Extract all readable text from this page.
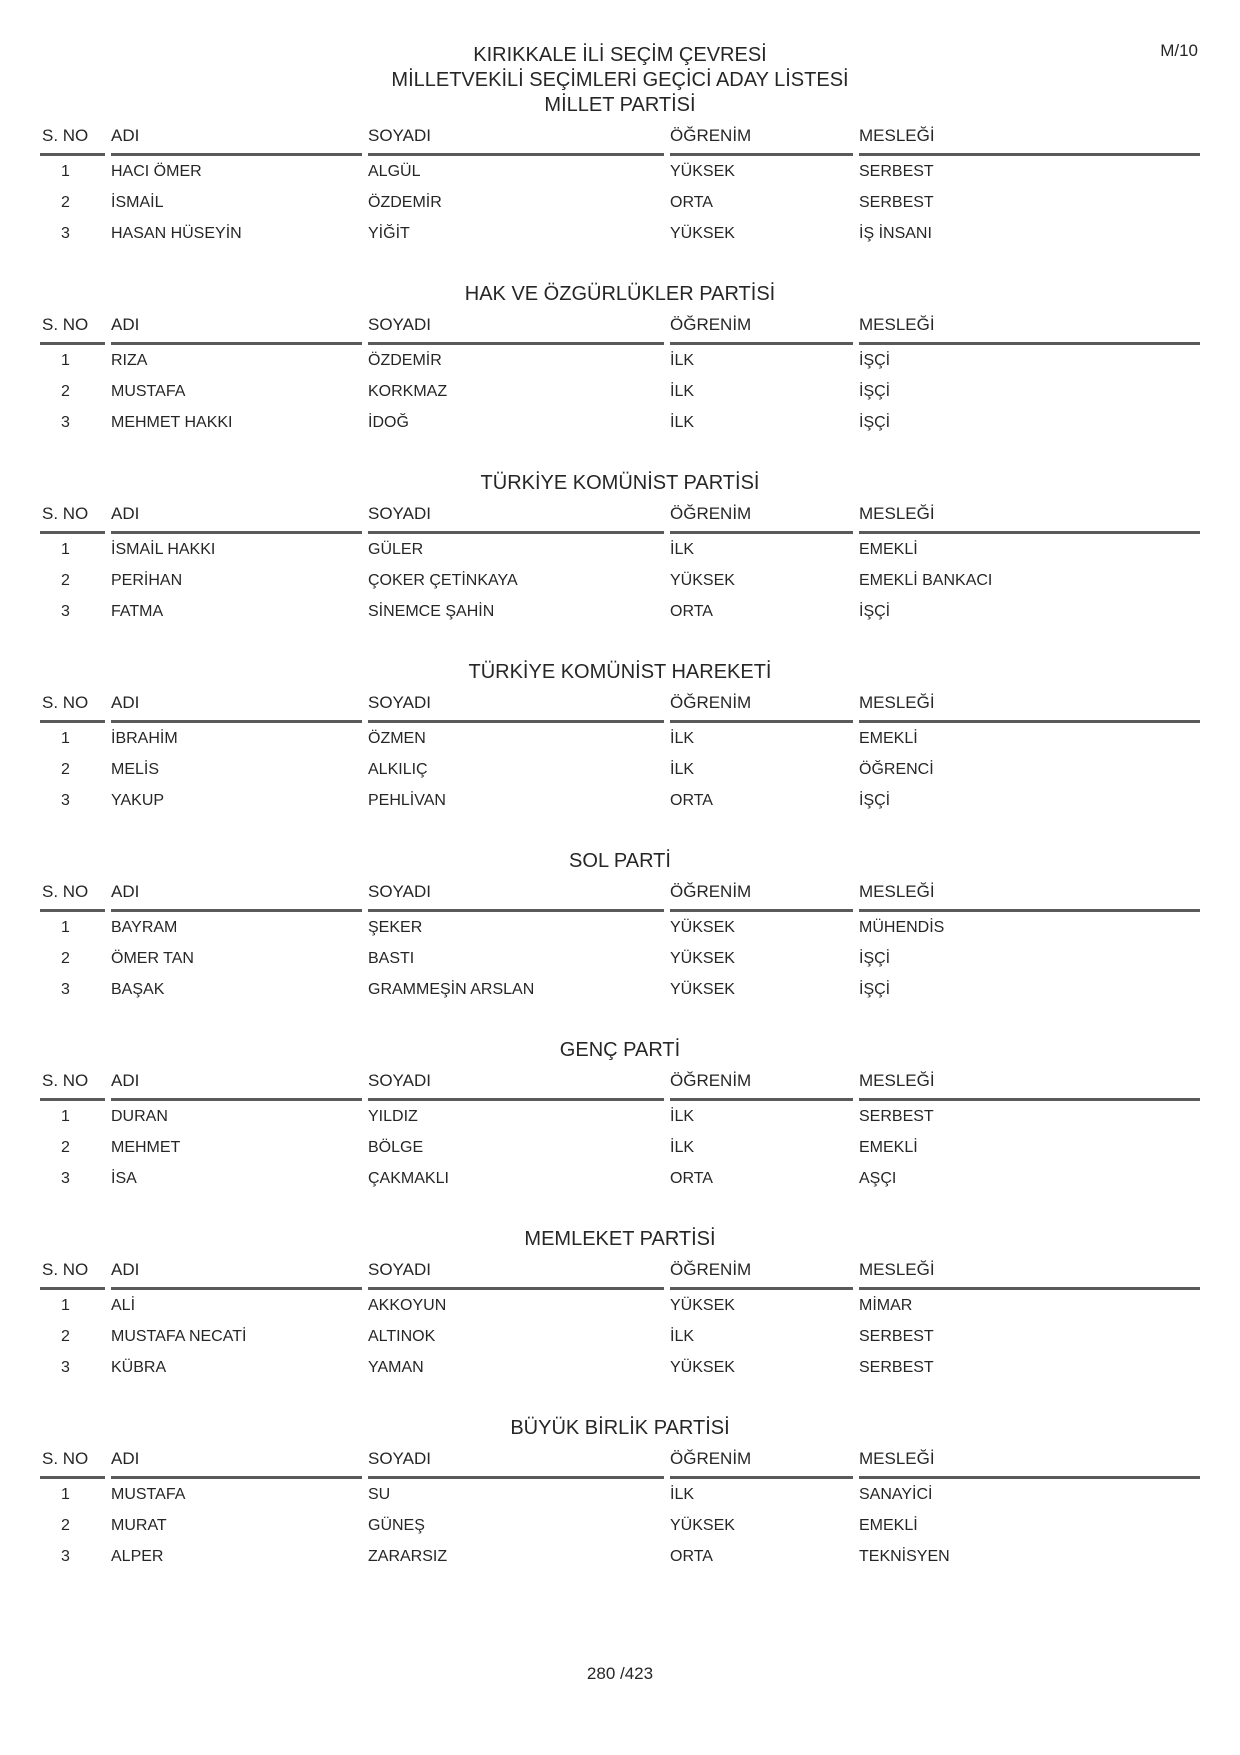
M/10
KIRIKKALE İLİ SEÇİM ÇEVRESİ
MİLLETVEKİLİ SEÇİMLERİ GEÇİCİ ADAY LİSTESİ
MİLLET PARTİSİ
S. NO	ADI	SOYADI	ÖĞRENİM	MESLEĞİ
1	HACI ÖMER	ALGÜL	YÜKSEK	SERBEST
2	İSMAİL	ÖZDEMİR	ORTA	SERBEST
3	HASAN HÜSEYİN	YİĞİT	YÜKSEK	İŞ İNSANI
HAK VE ÖZGÜRLÜKLER PARTİSİ
S. NO	ADI	SOYADI	ÖĞRENİM	MESLEĞİ
1	RIZA	ÖZDEMİR	İLK	İŞÇİ
2	MUSTAFA	KORKMAZ	İLK	İŞÇİ
3	MEHMET HAKKI	İDOĞ	İLK	İŞÇİ
TÜRKİYE KOMÜNİST PARTİSİ
S. NO	ADI	SOYADI	ÖĞRENİM	MESLEĞİ
1	İSMAİL HAKKI	GÜLER	İLK	EMEKLİ
2	PERİHAN	ÇOKER ÇETİNKAYA	YÜKSEK	EMEKLİ BANKACI
3	FATMA	SİNEMCE ŞAHİN	ORTA	İŞÇİ
TÜRKİYE KOMÜNİST HAREKETİ
S. NO	ADI	SOYADI	ÖĞRENİM	MESLEĞİ
1	İBRAHİM	ÖZMEN	İLK	EMEKLİ
2	MELİS	ALKILIÇ	İLK	ÖĞRENCİ
3	YAKUP	PEHLİVAN	ORTA	İŞÇİ
SOL PARTİ
S. NO	ADI	SOYADI	ÖĞRENİM	MESLEĞİ
1	BAYRAM	ŞEKER	YÜKSEK	MÜHENDİS
2	ÖMER TAN	BASTI	YÜKSEK	İŞÇİ
3	BAŞAK	GRAMMEŞİN ARSLAN	YÜKSEK	İŞÇİ
GENÇ PARTİ
S. NO	ADI	SOYADI	ÖĞRENİM	MESLEĞİ
1	DURAN	YILDIZ	İLK	SERBEST
2	MEHMET	BÖLGE	İLK	EMEKLİ
3	İSA	ÇAKMAKLI	ORTA	AŞÇI
MEMLEKET PARTİSİ
S. NO	ADI	SOYADI	ÖĞRENİM	MESLEĞİ
1	ALİ	AKKOYUN	YÜKSEK	MİMAR
2	MUSTAFA NECATİ	ALTINOK	İLK	SERBEST
3	KÜBRA	YAMAN	YÜKSEK	SERBEST
BÜYÜK BİRLİK PARTİSİ
S. NO	ADI	SOYADI	ÖĞRENİM	MESLEĞİ
1	MUSTAFA	SU	İLK	SANAYİCİ
2	MURAT	GÜNEŞ	YÜKSEK	EMEKLİ
3	ALPER	ZARARSIZ	ORTA	TEKNİSYEN
280 /423
